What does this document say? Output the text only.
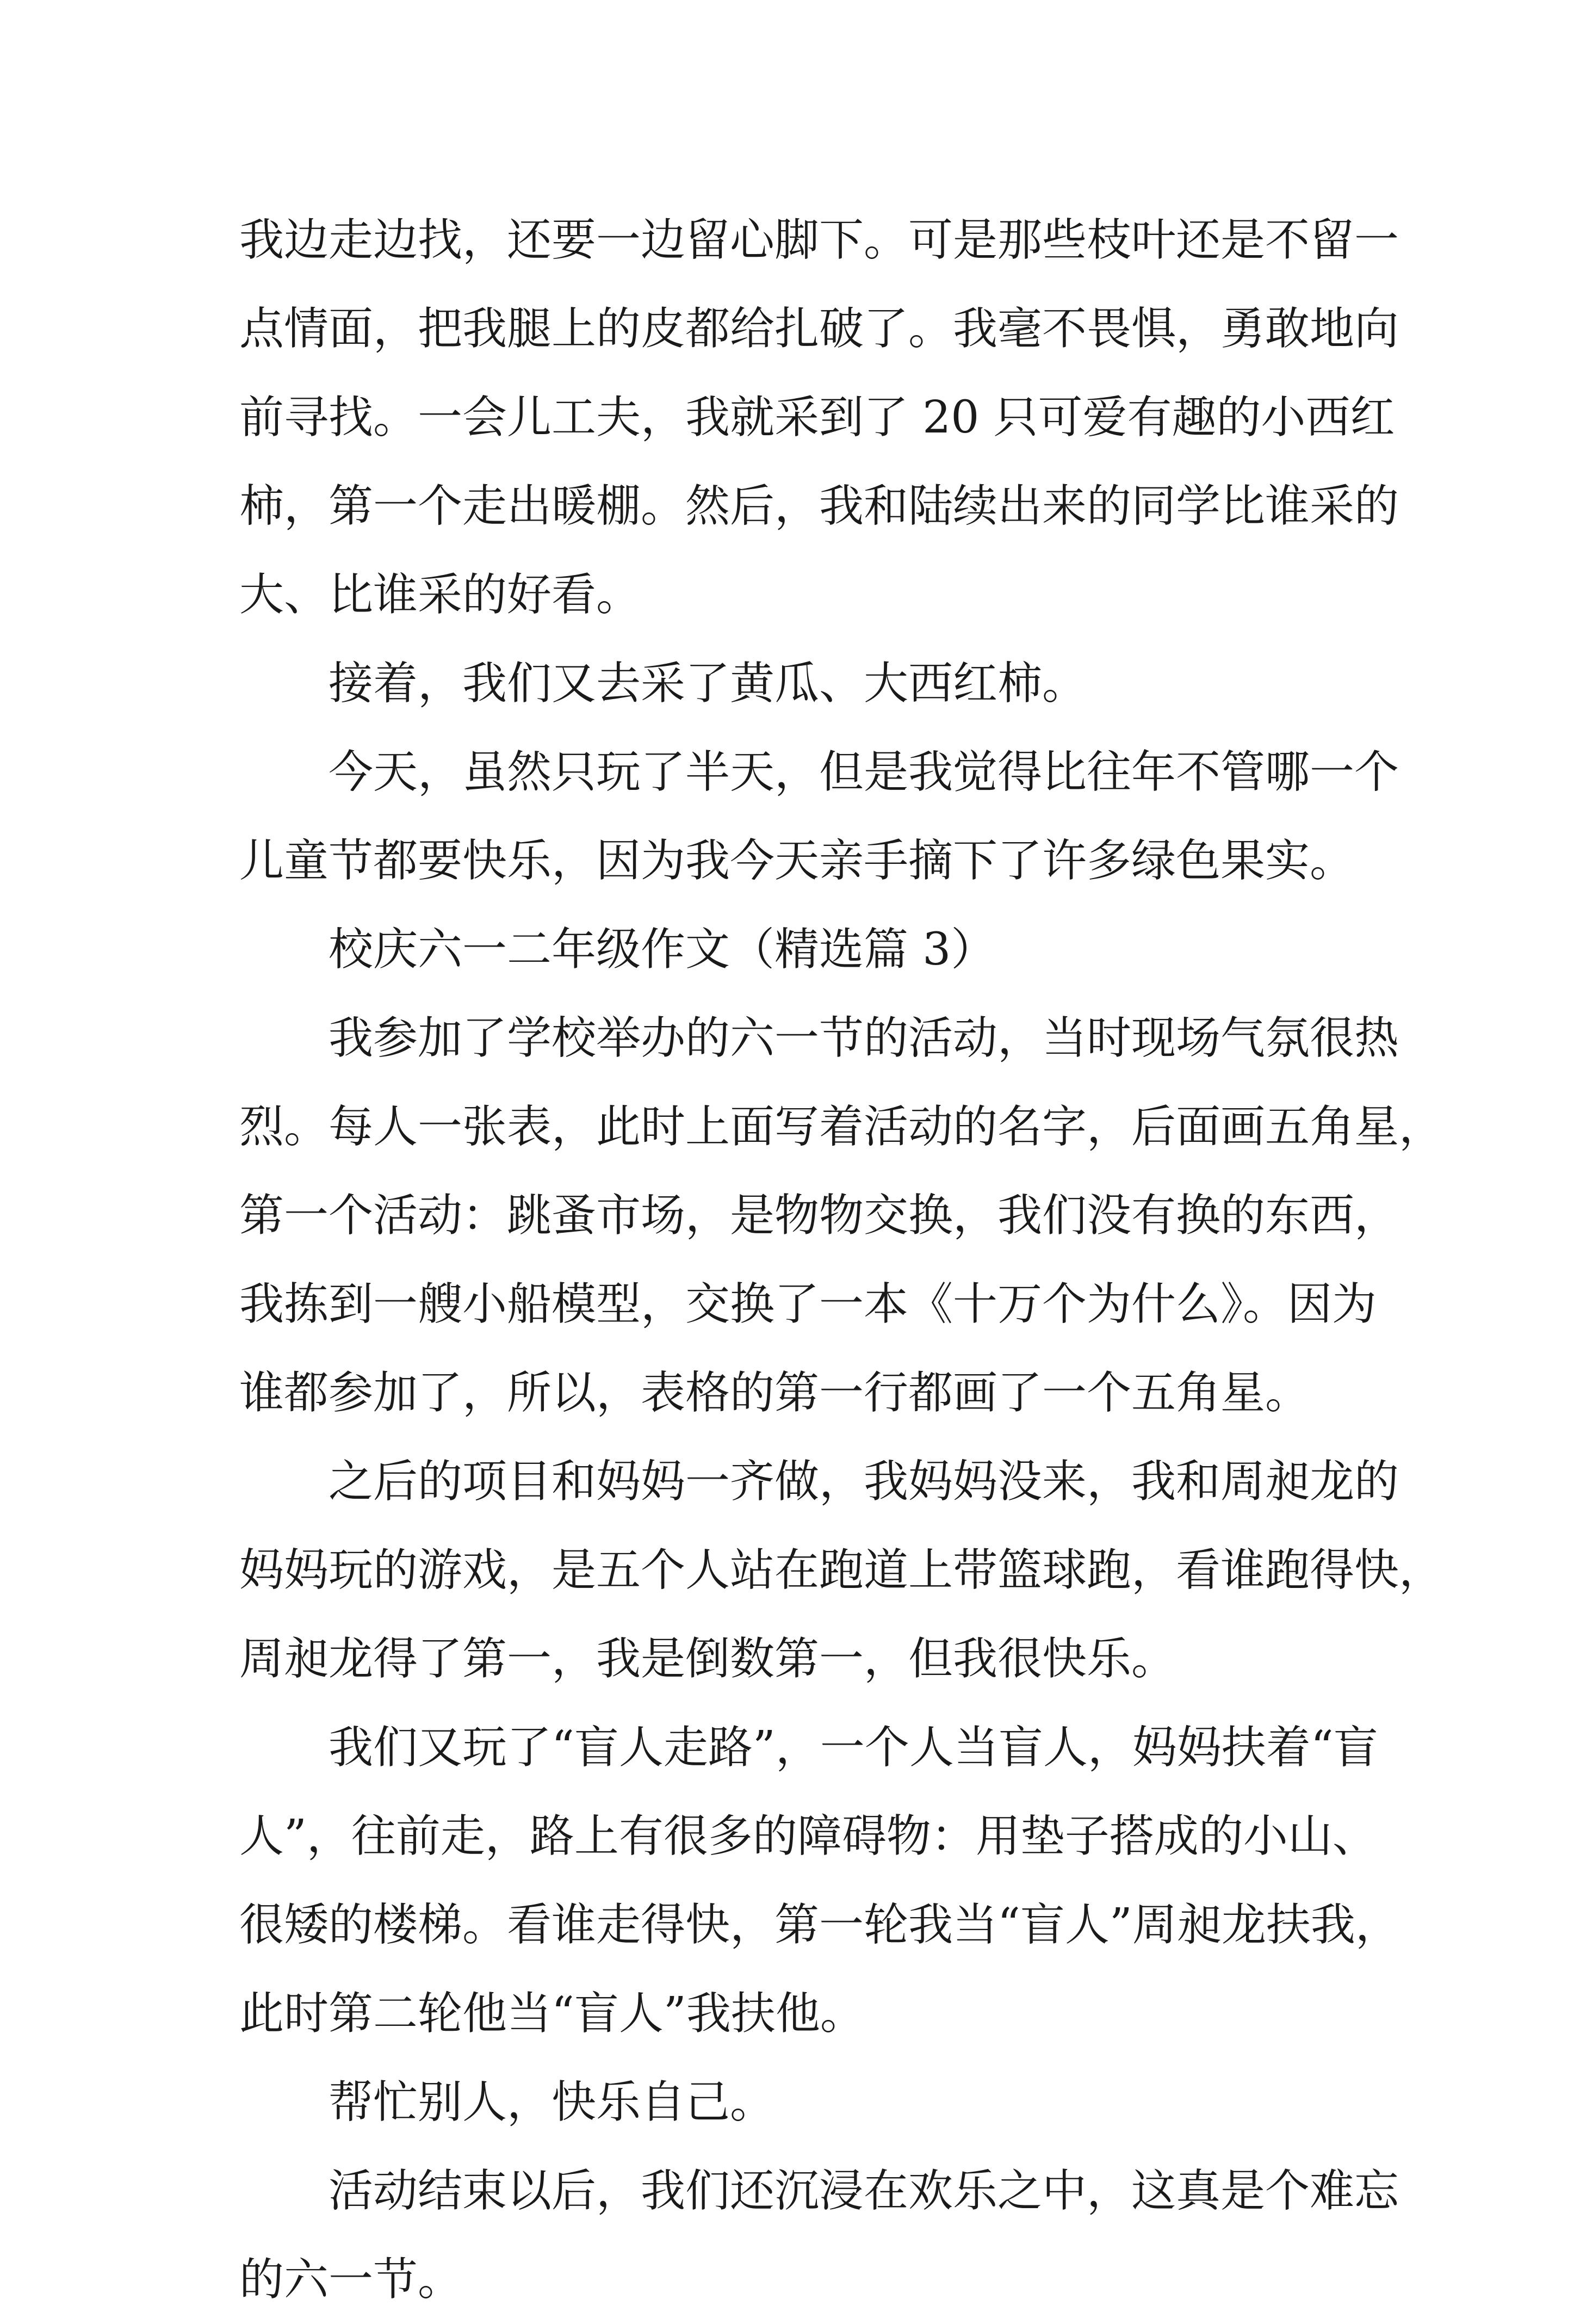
我边走边找，还要一边留心脚下。可是那些枝叶还是不留一
点情面，把我腿上的皮都给扎破了。我毫不畏惧，勇敢地向
前寻找。一会儿工夫，我就采到了 20 只可爱有趣的小西红
柿，第一个走出暖棚。然后，我和陆续出来的同学比谁采的
大、比谁采的好看。
接着，我们又去采了黄瓜、大西红柿。
今天，虽然只玩了半天，但是我觉得比往年不管哪一个
儿童节都要快乐，因为我今天亲手摘下了许多绿色果实。
校庆六一二年级作文（精选篇 3）
我参加了学校举办的六一节的活动，当时现场气氛很热
烈。每人一张表，此时上面写着活动的名字，后面画五角星，
第一个活动：跳蚤市场，是物物交换，我们没有换的东西，
我拣到一艘小船模型，交换了一本《十万个为什么》。因为
谁都参加了，所以，表格的第一行都画了一个五角星。
之后的项目和妈妈一齐做，我妈妈没来，我和周昶龙的
妈妈玩的游戏，是五个人站在跑道上带篮球跑，看谁跑得快，
周昶龙得了第一，我是倒数第一，但我很快乐。
我们又玩了“盲人走路”，一个人当盲人，妈妈扶着“盲
人”，往前走，路上有很多的障碍物：用垫子搭成的小山、
很矮的楼梯。看谁走得快，第一轮我当“盲人”周昶龙扶我，
此时第二轮他当“盲人”我扶他。
帮忙别人，快乐自己。
活动结束以后，我们还沉浸在欢乐之中，这真是个难忘
的六一节。
